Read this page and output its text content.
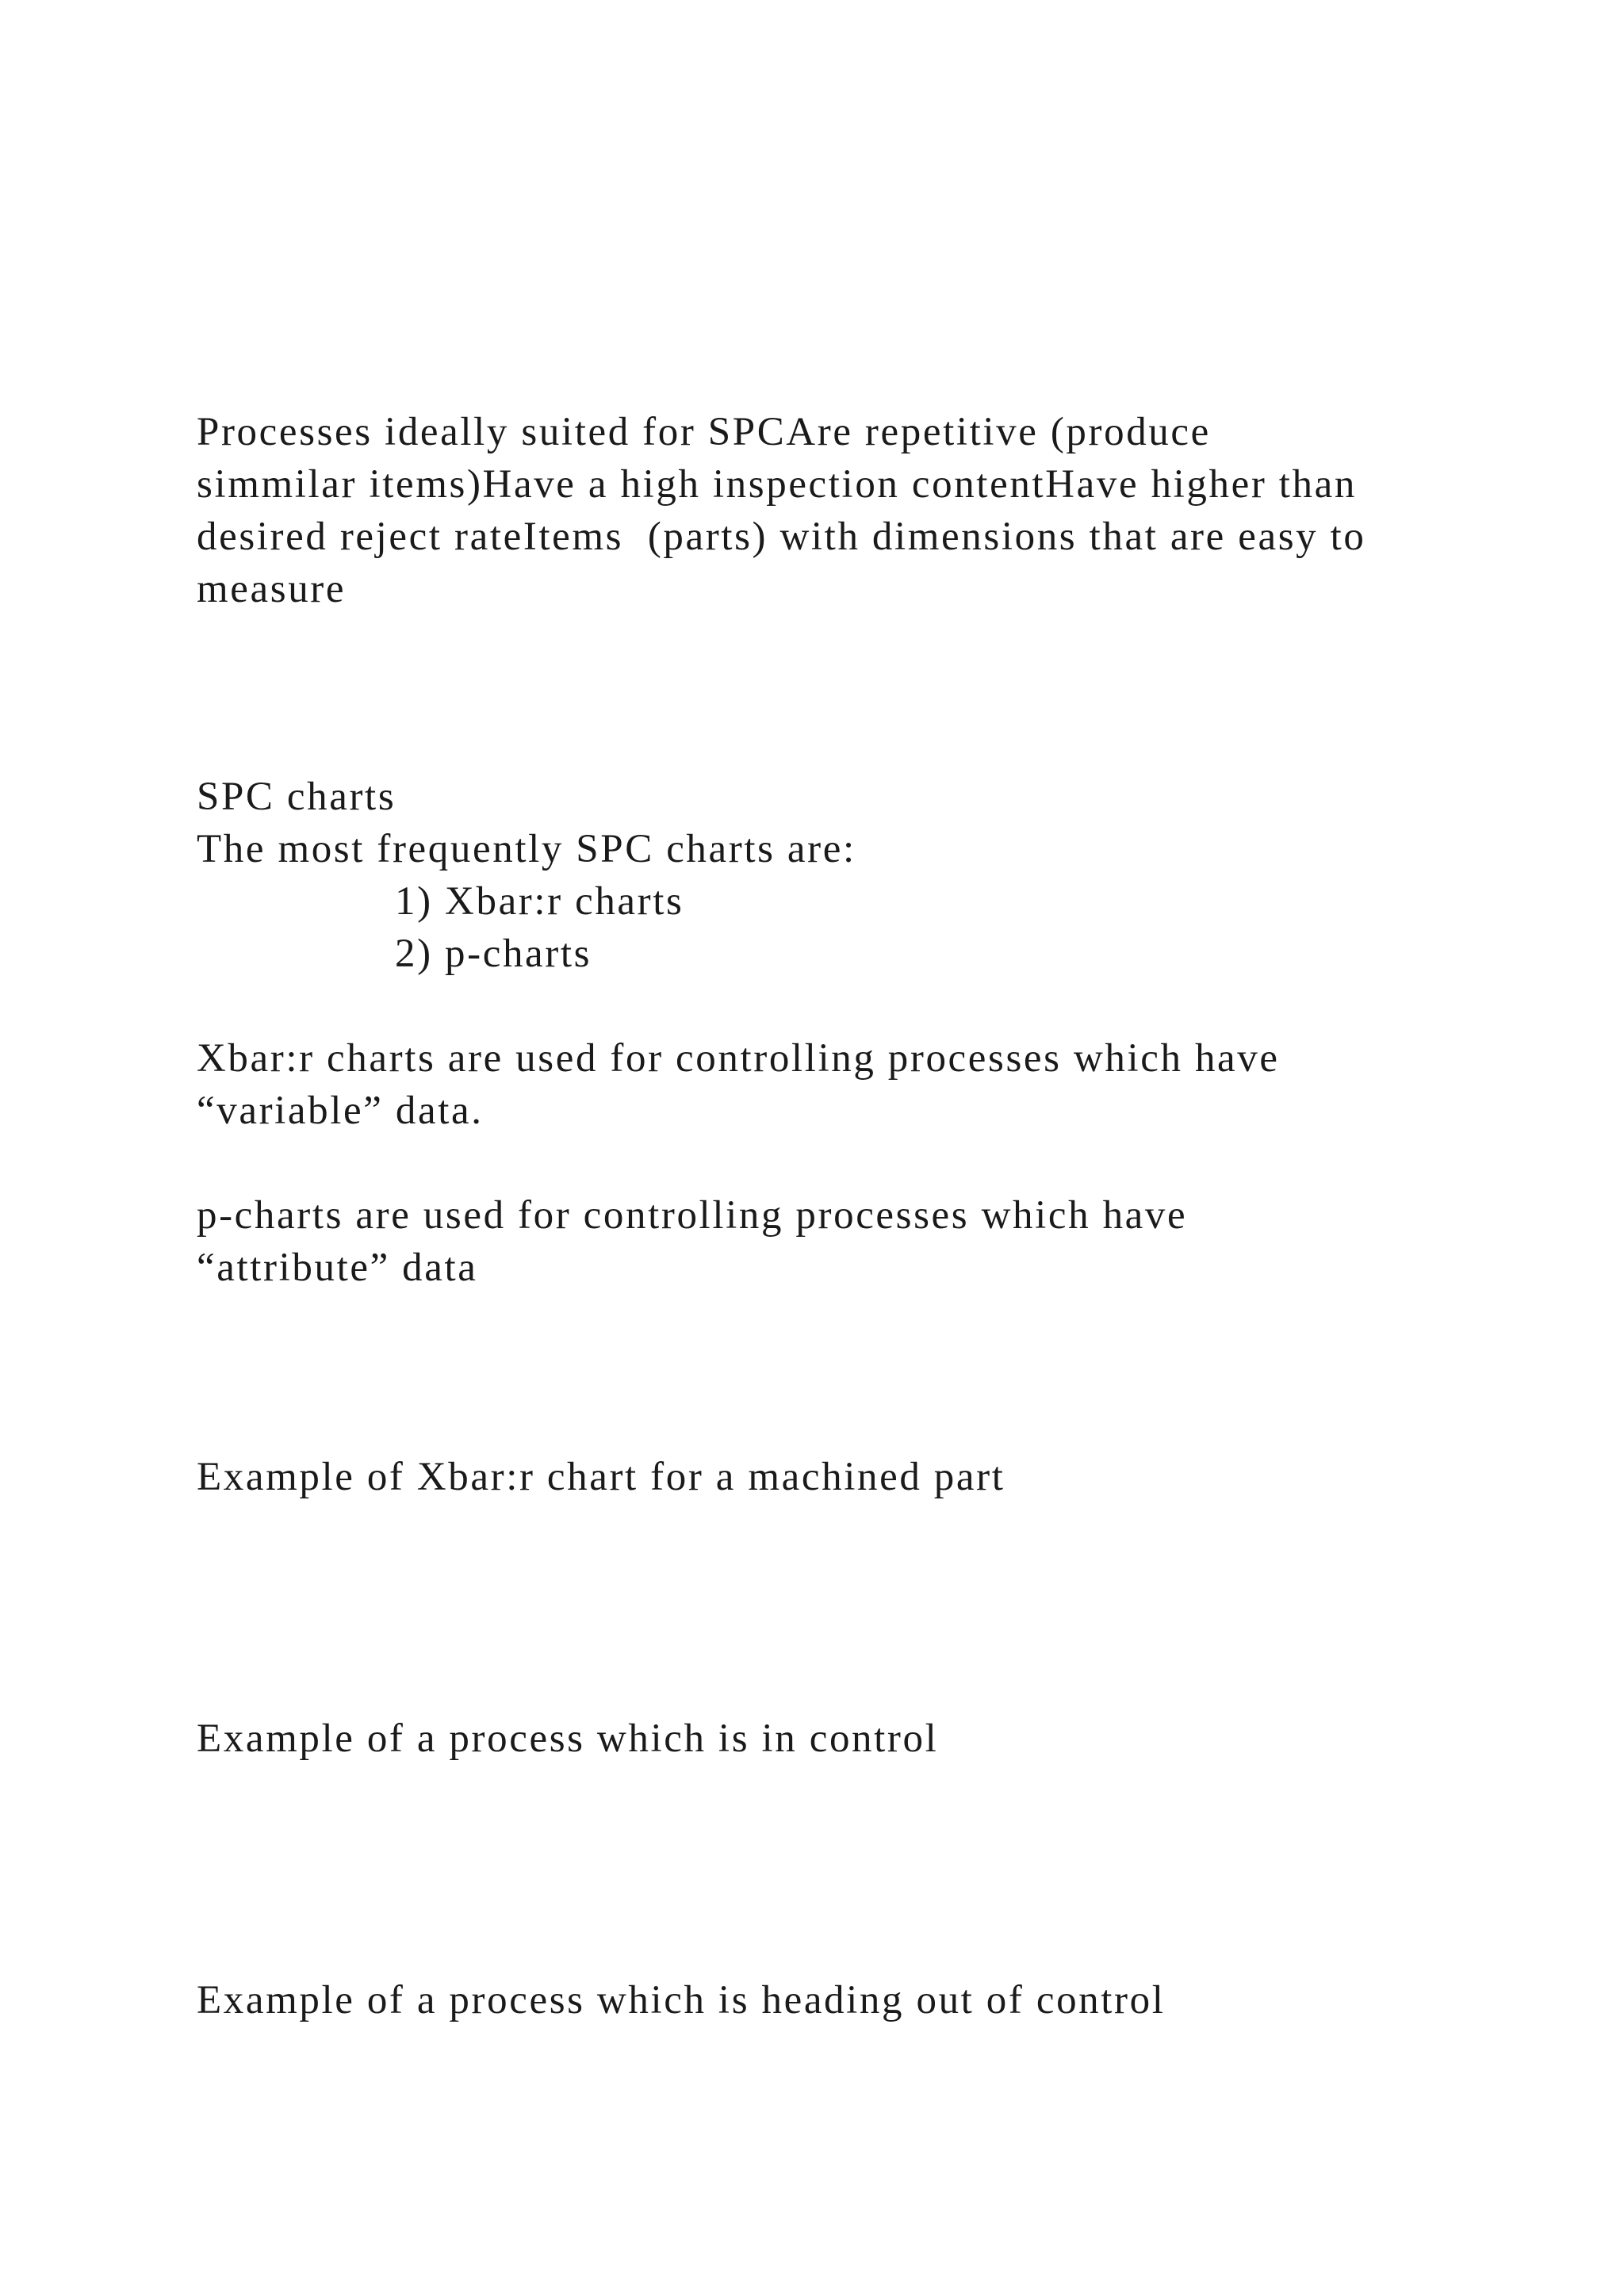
Processes ideally suited for SPCAre repetitive (produce
simmilar items)Have a high inspection contentHave higher than
desired reject rateItems  (parts) with dimensions that are easy to
measure
SPC charts
The most frequently SPC charts are:
1) Xbar:r charts
2) p-charts
Xbar:r charts are used for controlling processes which have
“variable” data.
p-charts are used for controlling processes which have
“attribute” data
Example of Xbar:r chart for a machined part
Example of a process which is in control
Example of a process which is heading out of control
